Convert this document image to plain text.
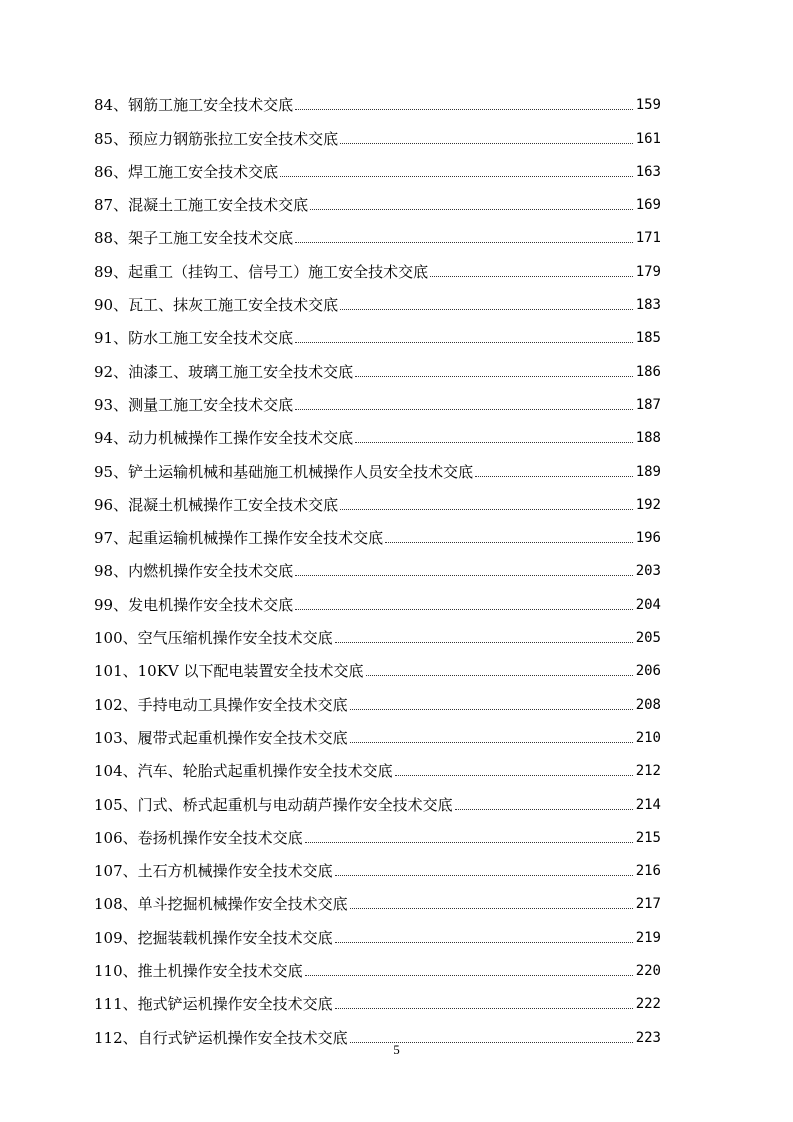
84、钢筋工施工安全技术交底	159
85、预应力钢筋张拉工安全技术交底	161
86、焊工施工安全技术交底	163
87、混凝土工施工安全技术交底	169
88、架子工施工安全技术交底	171
89、起重工（挂钩工、信号工）施工安全技术交底	179
90、瓦工、抹灰工施工安全技术交底	183
91、防水工施工安全技术交底	185
92、油漆工、玻璃工施工安全技术交底	186
93、测量工施工安全技术交底	187
94、动力机械操作工操作安全技术交底	188
95、铲土运输机械和基础施工机械操作人员安全技术交底	189
96、混凝土机械操作工安全技术交底	192
97、起重运输机械操作工操作安全技术交底	196
98、内燃机操作安全技术交底	203
99、发电机操作安全技术交底	204
100、空气压缩机操作安全技术交底	205
101、10KV 以下配电装置安全技术交底	206
102、手持电动工具操作安全技术交底	208
103、履带式起重机操作安全技术交底	210
104、汽车、轮胎式起重机操作安全技术交底	212
105、门式、桥式起重机与电动葫芦操作安全技术交底	214
106、卷扬机操作安全技术交底	215
107、土石方机械操作安全技术交底	216
108、单斗挖掘机械操作安全技术交底	217
109、挖掘装载机操作安全技术交底	219
110、推土机操作安全技术交底	220
111、拖式铲运机操作安全技术交底	222
112、自行式铲运机操作安全技术交底	223
5
